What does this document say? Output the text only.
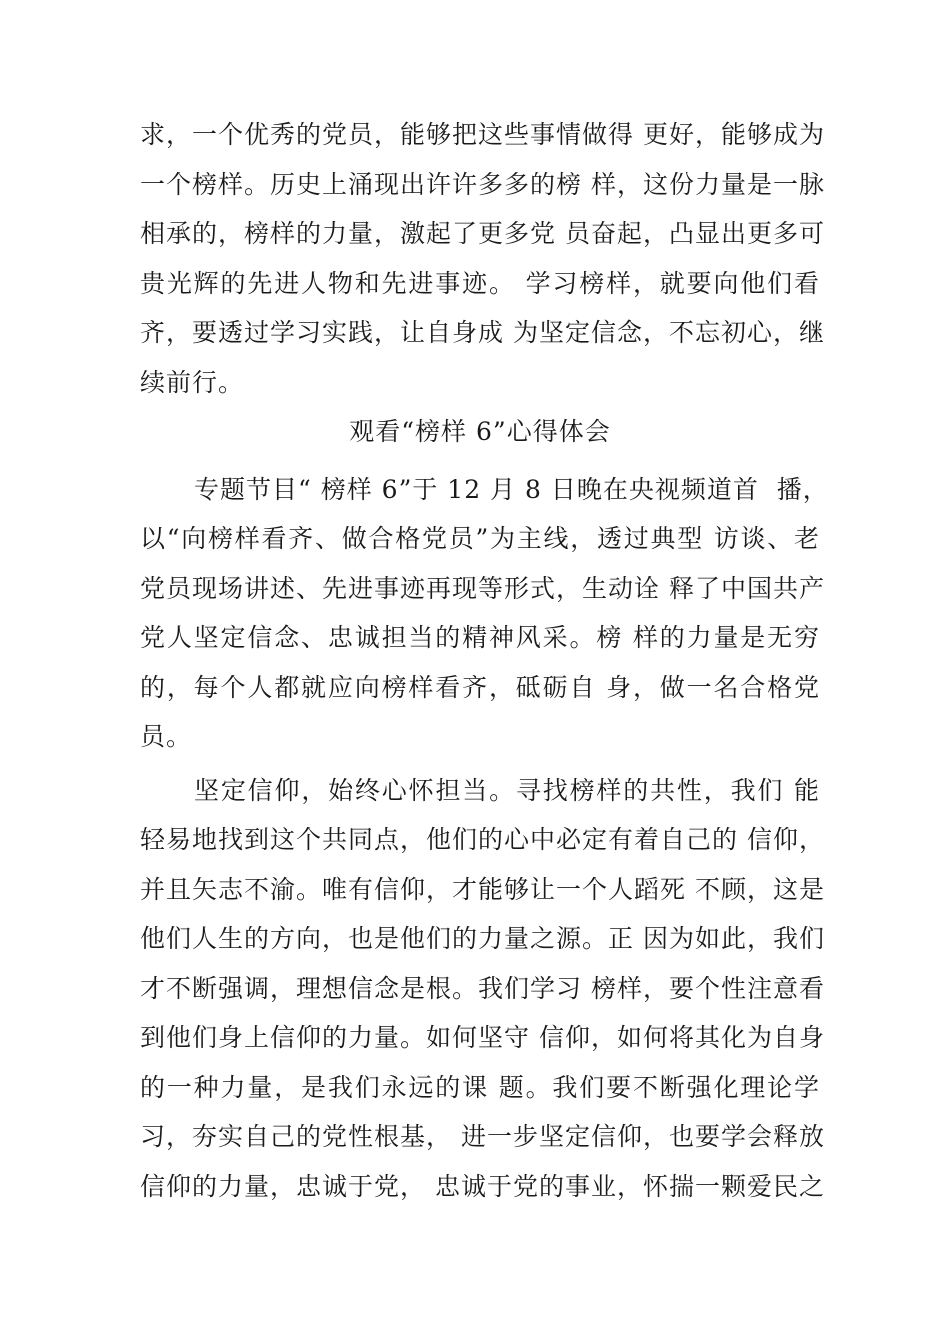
求，一个优秀的党员，能够把这些事情做得 更好，能够成为
一个榜样。历史上涌现出许许多多的榜 样，这份力量是一脉
相承的，榜样的力量，激起了更多党 员奋起，凸显出更多可
贵光辉的先进人物和先进事迹。 学习榜样，就要向他们看
齐，要透过学习实践，让自身成 为坚定信念，不忘初心，继
续前行。
观看“榜样 6”心得体会
专题节目“ 榜样 6”于 12 月 8 日晚在央视频道首  播，
以“向榜样看齐、做合格党员”为主线，透过典型 访谈、老
党员现场讲述、先进事迹再现等形式，生动诠 释了中国共产
党人坚定信念、忠诚担当的精神风采。榜 样的力量是无穷
的，每个人都就应向榜样看齐，砥砺自 身，做一名合格党
员。
坚定信仰，始终心怀担当。寻找榜样的共性，我们 能
轻易地找到这个共同点，他们的心中必定有着自己的 信仰，
并且矢志不渝。唯有信仰，才能够让一个人蹈死 不顾，这是
他们人生的方向，也是他们的力量之源。正 因为如此，我们
才不断强调，理想信念是根。我们学习 榜样，要个性注意看
到他们身上信仰的力量。如何坚守 信仰，如何将其化为自身
的一种力量，是我们永远的课 题。我们要不断强化理论学
习，夯实自己的党性根基， 进一步坚定信仰，也要学会释放
信仰的力量，忠诚于党， 忠诚于党的事业，怀揣一颗爱民之
